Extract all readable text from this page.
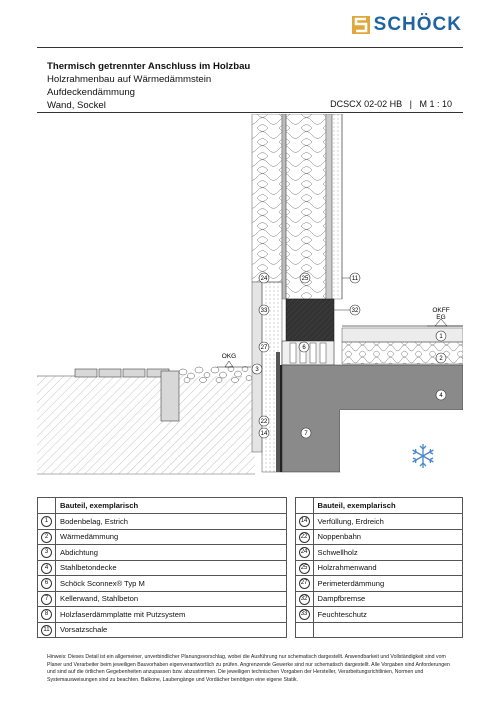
SCHÖCK
Thermisch getrennter Anschluss im Holzbau
Holzrahmenbau auf Wärmedämmstein
Aufdeckendämmung
Wand, Sockel	DCSCX 02-02 HB | M 1 : 10
OKFF
EG
OKG
24	25	11
33	32
1
2
27	6
3
4
22
14	7
	Bauteil, exemplarisch			Bauteil, exemplarisch
1	Bodenbelag, Estrich		14	Verfüllung, Erdreich
2	Wärmedämmung		22	Noppenbahn
3	Abdichtung		24	Schwellholz
4	Stahlbetondecke		25	Holzrahmenwand
6	Schöck Sconnex® Typ M		27	Perimeterdämmung
7	Kellerwand, Stahlbeton		32	Dampfbremse
8	Holzfaserdämmplatte mit Putzsystem		33	Feuchteschutz
11	Vorsatzschale			
Hinweis: Dieses Detail ist ein allgemeiner, unverbindlicher Planungsvorschlag, wobei die Ausführung nur schematisch dargestellt. Anwendbarkeit und Vollständigkeit sind vom Planer und Verarbeiter beim jeweiligen Bauvorhaben eigenverantwortlich zu prüfen. Angrenzende Gewerke sind nur schematisch dargestellt. Alle Vorgaben sind Anforderungen und sind auf die örtlichen Gegebenheiten anzupassen bzw. abzustimmen. Die jeweiligen technischen Vorgaben der Hersteller, Verarbeitungsrichtlinien, Normen und Systemausweisungen sind zu beachten. Balkone, Laubengänge und Vordächer benötigen eine eigene Statik.
